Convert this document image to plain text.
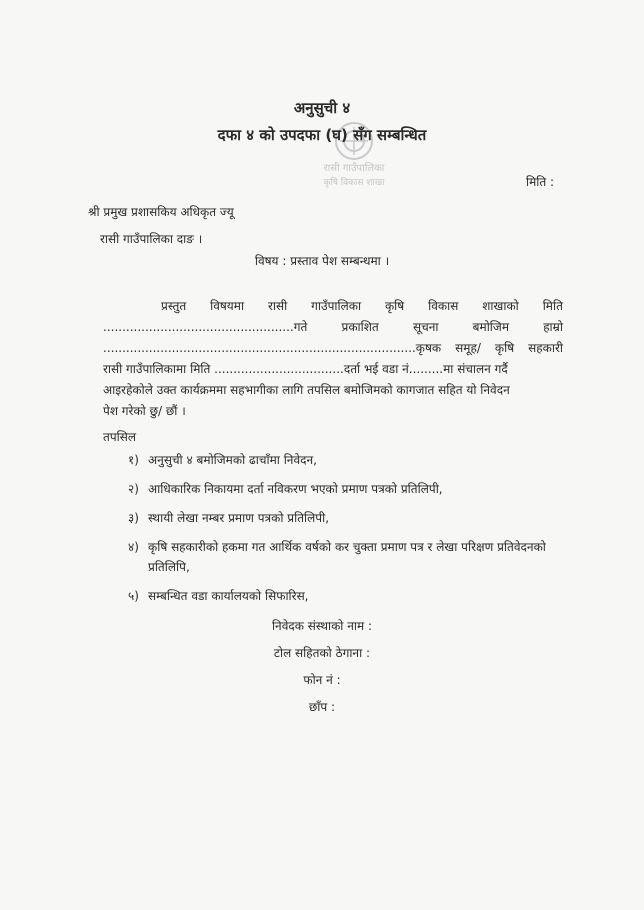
रासी गाउँपालिका
कृषि विकास शाखा
अनुसुची ४
दफा ४ को उपदफा (घ) सँग सम्बन्धित
मिति :
श्री प्रमुख प्रशासकिय अधिकृत ज्यू
रासी गाउँपालिका दाङ ।
विषय : प्रस्ताव पेश सम्बन्धमा ।
प्रस्तुत विषयमा रासी गाउँपालिका कृषि विकास शाखाको मिति
..................................................गते	प्रकाशित	सूचना	बमोजिम	हाम्रो
..................................................................................कृषक समूह/ कृषि सहकारी
रासी गाउँपालिकामा मिति ..................................दर्ता भई वडा नं.........मा संचालन गर्दै
आइरहेकोले उक्त कार्यक्रममा सहभागीका लागि तपसिल बमोजिमको कागजात सहित यो निवेदन
पेश गरेको छु/ छौं ।
तपसिल
१) अनुसुची ४ बमोजिमको ढाचाँमा निवेदन,
२) आधिकारिक निकायमा दर्ता नविकरण भएको प्रमाण पत्रको प्रतिलिपी,
३) स्थायी लेखा नम्बर प्रमाण पत्रको प्रतिलिपी,
४) कृषि सहकारीको हकमा गत आर्थिक वर्षको कर चुक्ता प्रमाण पत्र र लेखा परिक्षण प्रतिवेदनको प्रतिलिपि,
५) सम्बन्धित वडा कार्यालयको सिफारिस,
निवेदक संस्थाको नाम :
टोल सहितको ठेगाना :
फोन नं :
छाँप :
